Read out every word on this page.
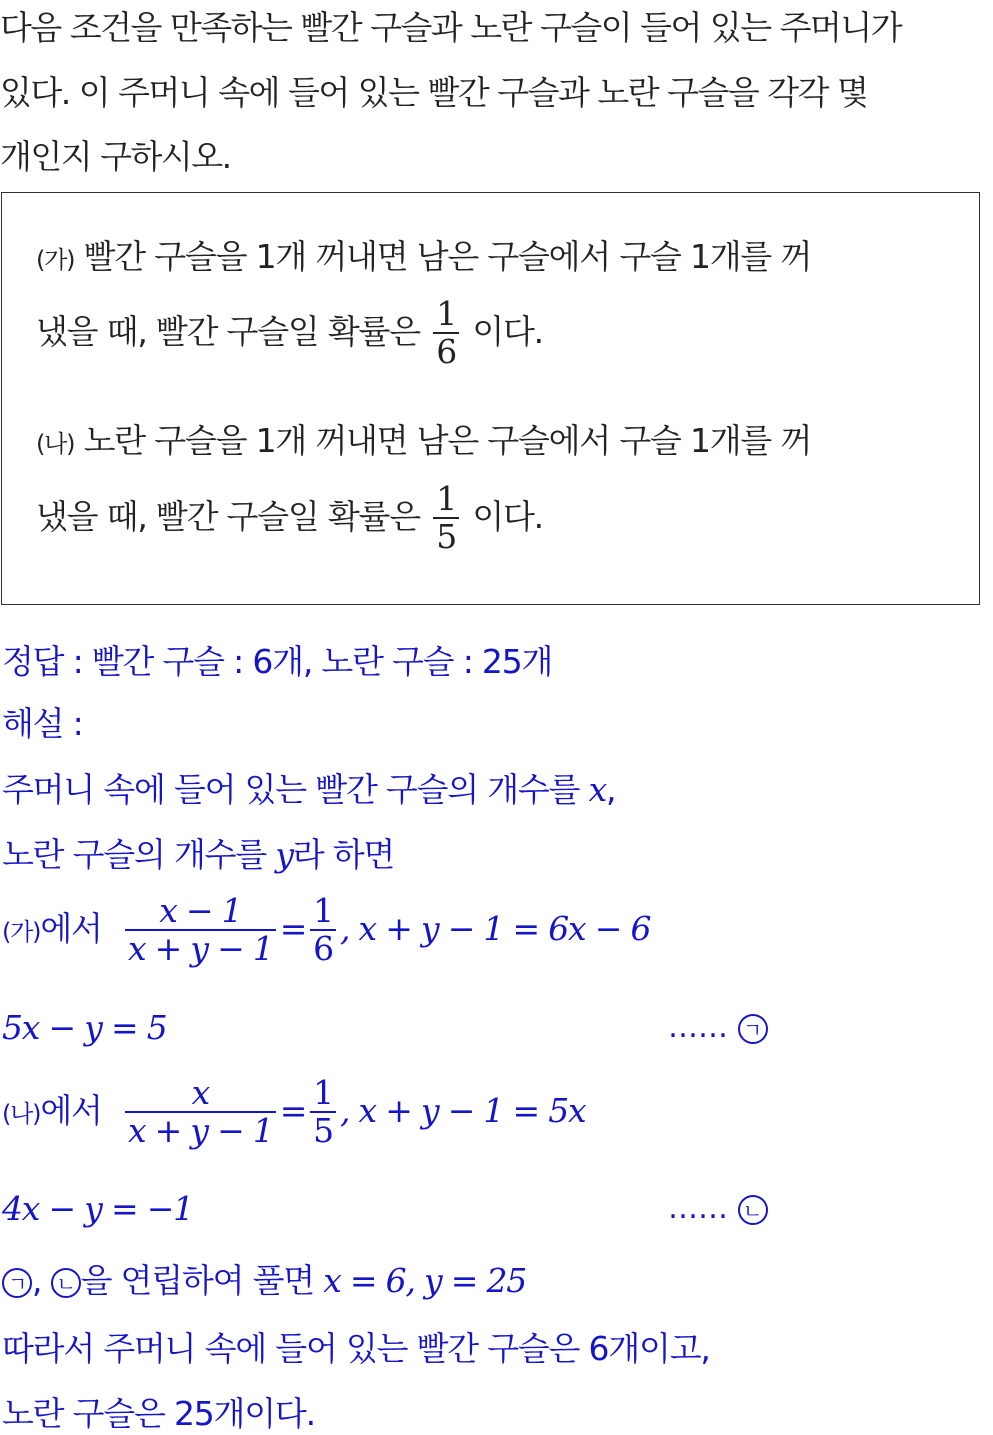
다음 조건을 만족하는 빨간 구슬과 노란 구슬이 들어 있는 주머니가
있다. 이 주머니 속에 들어 있는 빨간 구슬과 노란 구슬을 각각 몇
개인지 구하시오.
(가) 빨간 구슬을 1개 꺼내면 남은 구슬에서 구슬 1개를 꺼
냈을 때, 빨간 구슬일 확률은 $\frac{1}{6}$ 이다.
(나) 노란 구슬을 1개 꺼내면 남은 구슬에서 구슬 1개를 꺼
냈을 때, 빨간 구슬일 확률은 $\frac{1}{5}$ 이다.
정답 : 빨간 구슬 : 6개, 노란 구슬 : 25개
해설 :
주머니 속에 들어 있는 빨간 구슬의 개수를 x,
노란 구슬의 개수를 y라 하면
(가)에서 $\frac{x - 1}{x + y - 1} = \frac{1}{6}$ , x + y − 1 = 6x − 6
5x − y = 5	…… ㄱ
(나)에서 $\frac{x}{x + y - 1} = \frac{1}{5}$ , x + y − 1 = 5x
4x − y = −1	…… ㄴ
ㄱ , ㄴ 을 연립하여 풀면 x = 6, y = 25
따라서 주머니 속에 들어 있는 빨간 구슬은 6개이고,
노란 구슬은 25개이다.
